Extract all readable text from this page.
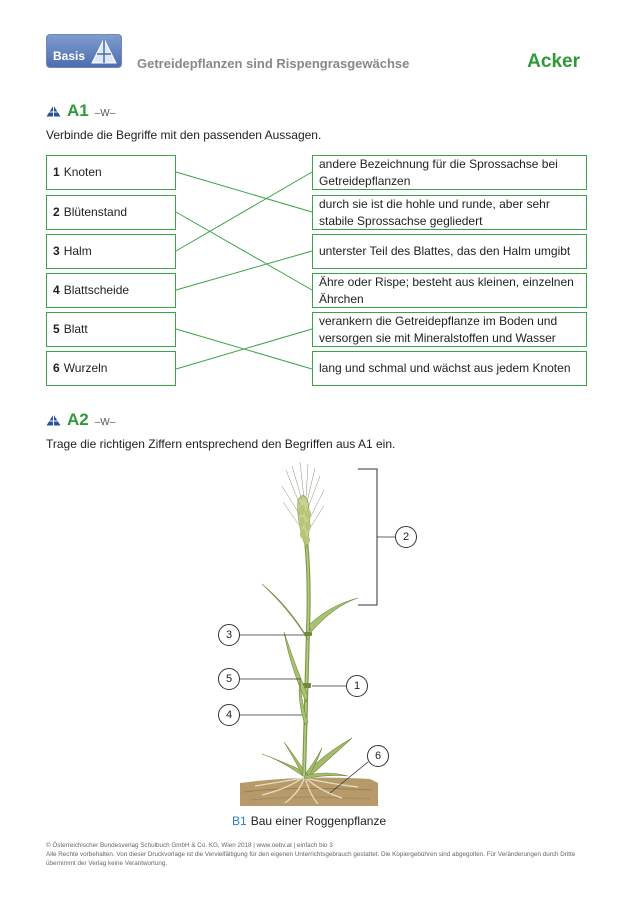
Basis	Getreidepflanzen sind Rispengrasgewächse	Acker
A1 –W–
Verbinde die Begriffe mit den passenden Aussagen.
1 Knoten
2 Blütenstand
3 Halm
4 Blattscheide
5 Blatt
6 Wurzeln
andere Bezeichnung für die Sprossachse bei Getreidepflanzen
durch sie ist die hohle und runde, aber sehr stabile Sprossachse gegliedert
unterster Teil des Blattes, das den Halm umgibt
Ähre oder Rispe; besteht aus kleinen, einzelnen Ährchen
verankern die Getreidepflanze im Boden und versorgen sie mit Mineralstoffen und Wasser
lang und schmal und wächst aus jedem Knoten
A2 –W–
Trage die richtigen Ziffern entsprechend den Begriffen aus A1 ein.
2
3
5
1
4
6
B1 Bau einer Roggenpflanze
© Österreichischer Bundesverlag Schulbuch GmbH & Co. KG, Wien 2018 | www.oebv.at | einfach bio 3
Alle Rechte vorbehalten. Von dieser Druckvorlage ist die Vervielfältigung für den eigenen Unterrichtsgebrauch gestattet. Die Kopiergebühren sind abgegolten. Für Veränderungen durch Dritte übernimmt der Verlag keine Verantwortung.
